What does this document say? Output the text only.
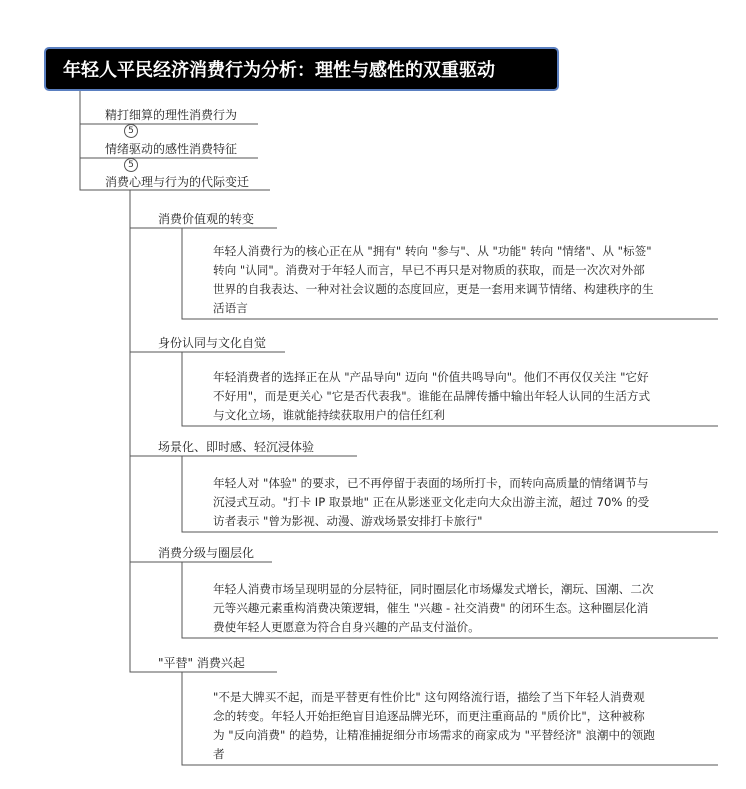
年轻人平民经济消费行为分析：理性与感性的双重驱动
精打细算的理性消费行为
5
情绪驱动的感性消费特征
5
消费心理与行为的代际变迁
消费价值观的转变
年轻人消费行为的核心正在从 "拥有" 转向 "参与"、从 "功能" 转向 "情绪"、从 "标签"
转向 "认同"。消费对于年轻人而言，早已不再只是对物质的获取，而是一次次对外部
世界的自我表达、一种对社会议题的态度回应，更是一套用来调节情绪、构建秩序的生
活语言
身份认同与文化自觉
年轻消费者的选择正在从 "产品导向" 迈向 "价值共鸣导向"。他们不再仅仅关注 "它好
不好用"，而是更关心 "它是否代表我"。谁能在品牌传播中输出年轻人认同的生活方式
与文化立场，谁就能持续获取用户的信任红利
场景化、即时感、轻沉浸体验
年轻人对 "体验" 的要求，已不再停留于表面的场所打卡，而转向高质量的情绪调节与
沉浸式互动。"打卡 IP 取景地" 正在从影迷亚文化走向大众出游主流，超过 70% 的受
访者表示 "曾为影视、动漫、游戏场景安排打卡旅行"
消费分级与圈层化
年轻人消费市场呈现明显的分层特征，同时圈层化市场爆发式增长，潮玩、国潮、二次
元等兴趣元素重构消费决策逻辑，催生 "兴趣 - 社交消费" 的闭环生态。这种圈层化消
费使年轻人更愿意为符合自身兴趣的产品支付溢价。
"平替" 消费兴起
"不是大牌买不起，而是平替更有性价比" 这句网络流行语，描绘了当下年轻人消费观
念的转变。年轻人开始拒绝盲目追逐品牌光环，而更注重商品的 "质价比"，这种被称
为 "反向消费" 的趋势，让精准捕捉细分市场需求的商家成为 "平替经济" 浪潮中的领跑
者
